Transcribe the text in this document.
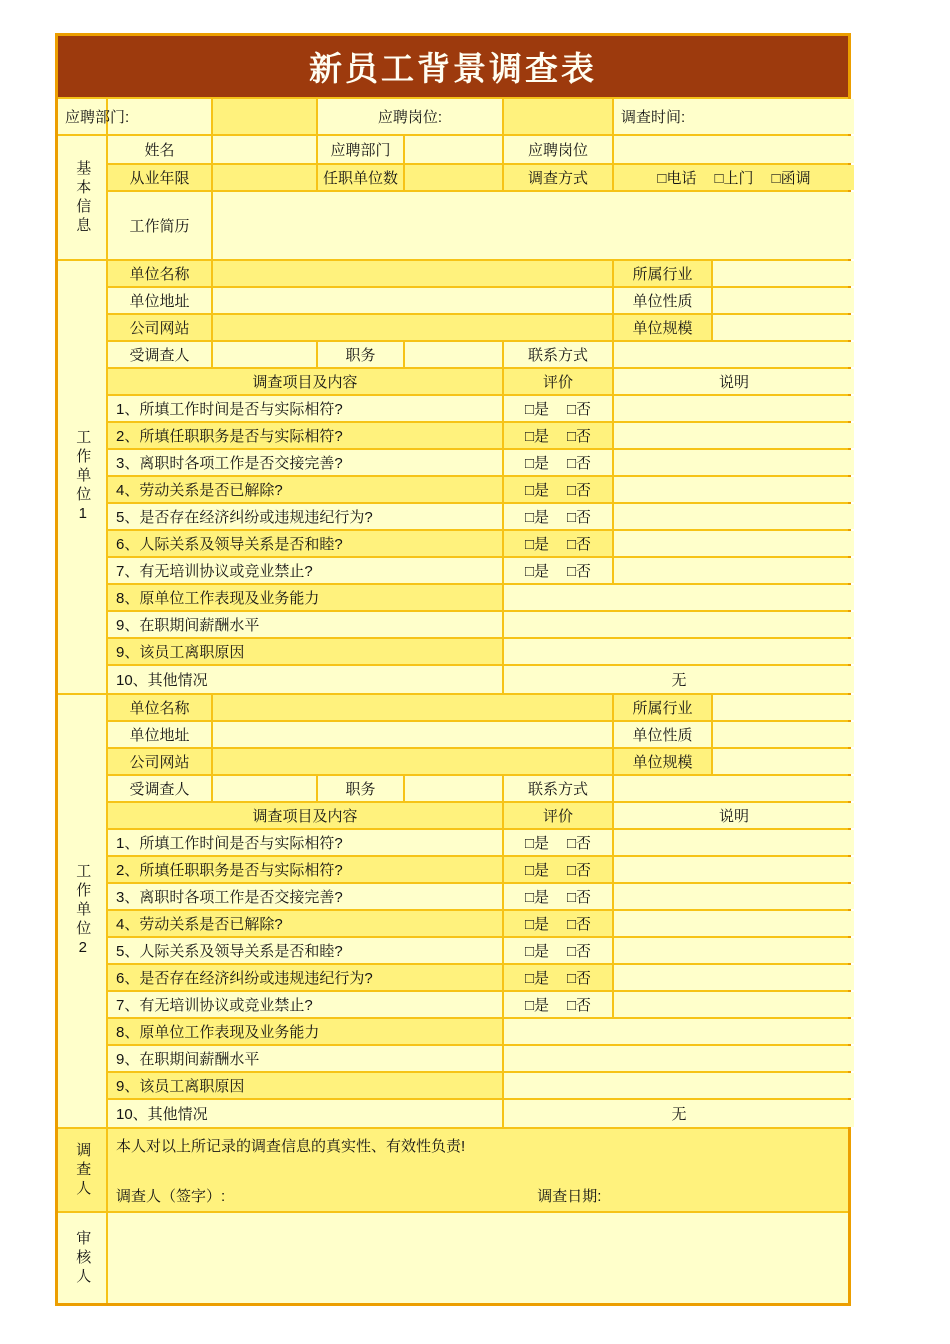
新员工背景调查表
应聘部门:	应聘岗位:	调查时间:
基本信息
姓名	应聘部门	应聘岗位
从业年限	任职单位数	调查方式	□电话 □上门 □函调
工作简历
工作单位1
单位名称	所属行业
单位地址	单位性质
公司网站	单位规模
受调查人	职务	联系方式
调查项目及内容	评价	说明
1、所填工作时间是否与实际相符?	□是 □否
2、所填任职职务是否与实际相符?	□是 □否
3、离职时各项工作是否交接完善?	□是 □否
4、劳动关系是否已解除?	□是 □否
5、是否存在经济纠纷或违规违纪行为?	□是 □否
6、人际关系及领导关系是否和睦?	□是 □否
7、有无培训协议或竞业禁止?	□是 □否
8、原单位工作表现及业务能力
9、在职期间薪酬水平
9、该员工离职原因
10、其他情况	无
工作单位2
单位名称	所属行业
单位地址	单位性质
公司网站	单位规模
受调查人	职务	联系方式
调查项目及内容	评价	说明
1、所填工作时间是否与实际相符?	□是 □否
2、所填任职职务是否与实际相符?	□是 □否
3、离职时各项工作是否交接完善?	□是 □否
4、劳动关系是否已解除?	□是 □否
5、人际关系及领导关系是否和睦?	□是 □否
6、是否存在经济纠纷或违规违纪行为?	□是 □否
7、有无培训协议或竞业禁止?	□是 □否
8、原单位工作表现及业务能力
9、在职期间薪酬水平
9、该员工离职原因
10、其他情况	无
调查人	本人对以上所记录的调查信息的真实性、有效性负责!
调查人（签字）:	调查日期:
审核人
